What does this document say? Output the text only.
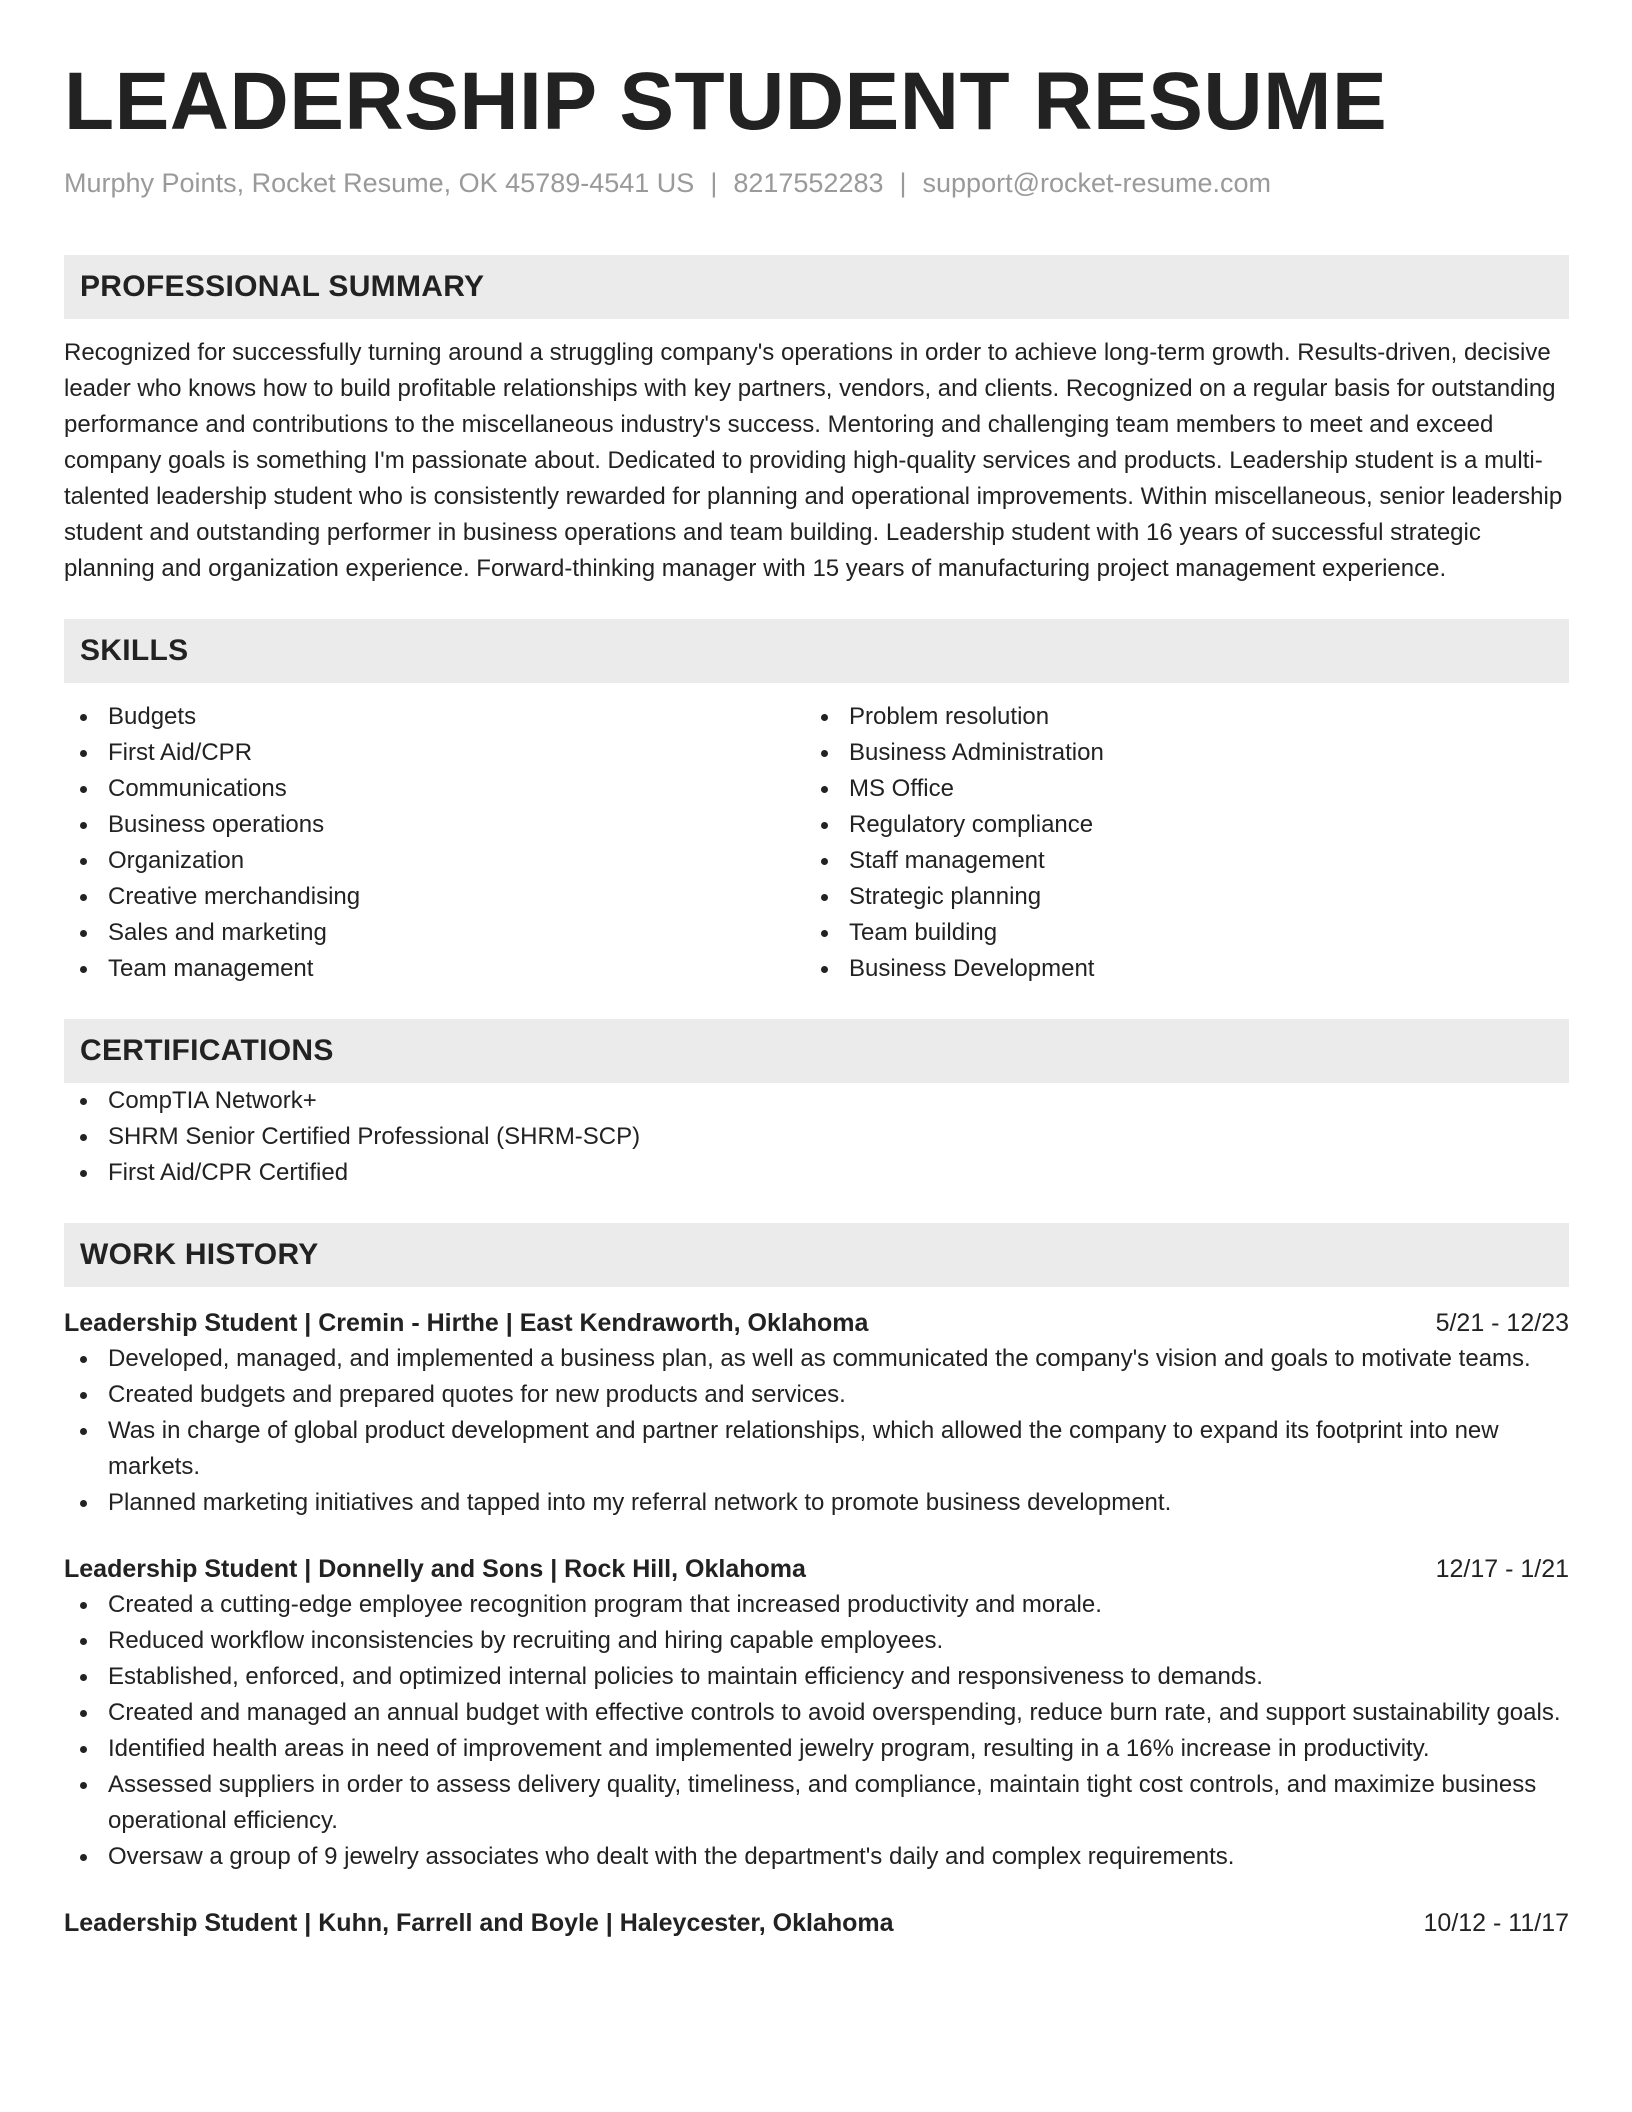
LEADERSHIP STUDENT RESUME
Murphy Points, Rocket Resume, OK 45789-4541 US | 8217552283 | support@rocket-resume.com
PROFESSIONAL SUMMARY

Recognized for successfully turning around a struggling company's operations in order to achieve long-term growth. Results-driven, decisive leader who knows how to build profitable relationships with key partners, vendors, and clients. Recognized on a regular basis for outstanding performance and contributions to the miscellaneous industry's success. Mentoring and challenging team members to meet and exceed company goals is something I'm passionate about. Dedicated to providing high-quality services and products. Leadership student is a multi-talented leadership student who is consistently rewarded for planning and operational improvements. Within miscellaneous, senior leadership student and outstanding performer in business operations and team building. Leadership student with 16 years of successful strategic planning and organization experience. Forward-thinking manager with 15 years of manufacturing project management experience.

SKILLS
Budgets
First Aid/CPR
Communications
Business operations
Organization
Creative merchandising
Sales and marketing
Team management
Problem resolution
Business Administration
MS Office
Regulatory compliance
Staff management
Strategic planning
Team building
Business Development
CERTIFICATIONS
CompTIA Network+
SHRM Senior Certified Professional (SHRM-SCP)
First Aid/CPR Certified
WORK HISTORY
Leadership Student | Cremin - Hirthe | East Kendraworth, Oklahoma	5/21 - 12/23
Developed, managed, and implemented a business plan, as well as communicated the company's vision and goals to motivate teams.
Created budgets and prepared quotes for new products and services.
Was in charge of global product development and partner relationships, which allowed the company to expand its footprint into new markets.
Planned marketing initiatives and tapped into my referral network to promote business development.
Leadership Student | Donnelly and Sons | Rock Hill, Oklahoma	12/17 - 1/21
Created a cutting-edge employee recognition program that increased productivity and morale.
Reduced workflow inconsistencies by recruiting and hiring capable employees.
Established, enforced, and optimized internal policies to maintain efficiency and responsiveness to demands.
Created and managed an annual budget with effective controls to avoid overspending, reduce burn rate, and support sustainability goals.
Identified health areas in need of improvement and implemented jewelry program, resulting in a 16% increase in productivity.
Assessed suppliers in order to assess delivery quality, timeliness, and compliance, maintain tight cost controls, and maximize business operational efficiency.
Oversaw a group of 9 jewelry associates who dealt with the department's daily and complex requirements.
Leadership Student | Kuhn, Farrell and Boyle | Haleycester, Oklahoma	10/12 - 11/17
